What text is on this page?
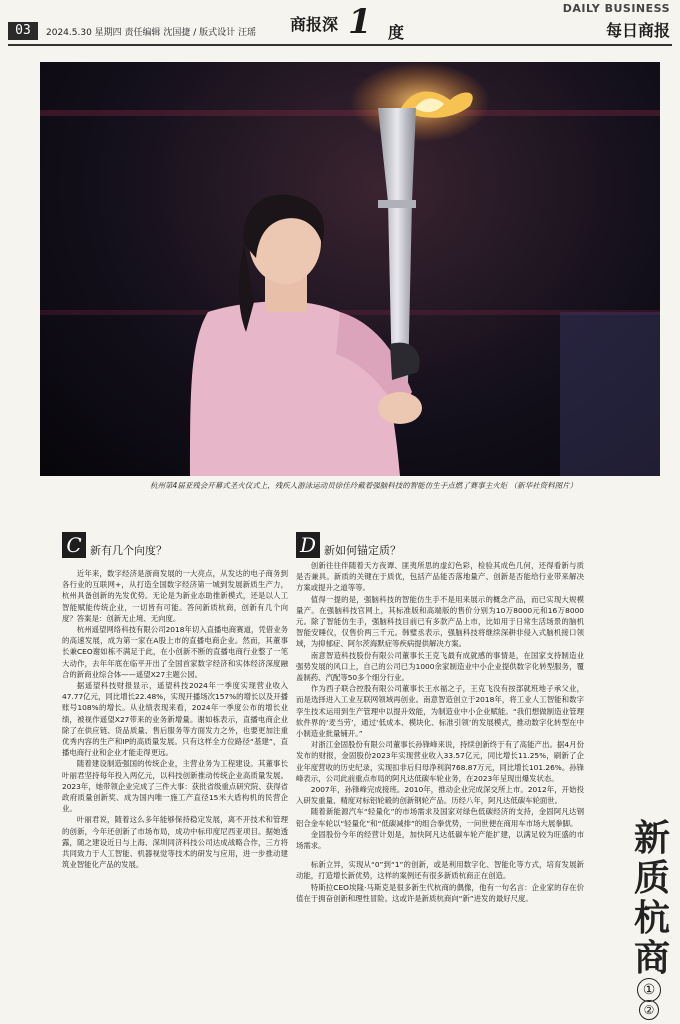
03	2024.5.30 星期四 责任编辑 沈国捷 / 版式设计 汪瑶 商报深 1 度
DAILY BUSINESS
每日商报
杭州第4届亚残会开幕式圣火仪式上，残疾人游泳运动员徐佳玲戴着强脑科技的智能仿生手点燃了赛事主火炬 （新华社资料图片）
C 新有几个向度？

近年来，数字经济是浙商发展的一大亮点，从发达的电子商务到各行业的互联网+，从打造全国数字经济第一城到发展新质生产力，杭州具备创新的先发优势。无论是为新业态助推新模式，还是以人工智能赋能传统企业，一切皆有可能。答问新质杭商，创新有几个向度？答案是：创新无止境、无向度。

杭州遥望网络科技有限公司2018年切入直播电商赛道，凭借业务的高速发展，成为第一家在A股上市的直播电商企业。然而，其董事长兼CEO谢如栋不满足于此，在小创新不断的直播电商行业整了一笔大动作，去年年底在临平开出了全国首家数字经济和实体经济深度融合的新商业综合体——遥望X27主题公园。

据遥望科技财报显示，遥望科技2024年一季度实现营业收入47.77亿元，同比增长22.48%，实现开播场次157%的增长以及开播账号108%的增长。从业绩表现来看，2024年一季度公布的增长业绩，被视作遥望X27带来的业务新增量。谢如栋表示，直播电商企业除了在供应链、货品质量、售后服务等方面发力之外，也要更加注重优秀内容的生产和IP的高质量发展。只有这样全方位路径“基建”，直播电商行业和企业才能走得更远。

随着建设制造强国的传统企业，主营业务为工程建设。其董事长叶丽君坚持每年投入两亿元，以科技创新推动传统企业高质量发展。2023年，她带领企业完成了三件大事：获批省级重点研究院、获得省政府质量创新奖、成为国内唯一施工产直径15米大盾构机的民营企业。

叶丽君说，随着这么多年能够保持稳定发展，离不开技术和管理的创新，今年还创新了市场布局，成功中标印度尼西亚项目。据她透露，随之建设近日与上海、深圳同济科技公司达成战略合作，三方将共同致力于人工智能、机器视觉等技术的研发与应用，进一步推动建筑业智能化产品的发展。

D 新如何锚定质？

创新往往伴随着天方夜谭、匪夷所思的虚幻色彩，检验其成色几何，还得看新与质是否兼具。新质的关键在于质优，包括产品能否落地量产、创新是否能给行业带来解决方案或提升之道等等。

值得一提的是，强脑科技的智能仿生手不是用来展示的概念产品，而已实现大规模量产。在强脑科技官网上，其标准版和高端版的售价分别为10万8000元和16万8000元。除了智能仿生手，强脑科技目前已有多款产品上市，比如用于日常生活场景的脑机智能安睡仪，仅售价两三千元。韩璧丞表示，强脑科技将继续深耕非侵入式脑机接口领域，为抑郁症、阿尔茨海默症等疾病提供解决方案。

南意智造科技股份有限公司董事长王克飞最有成就感的事情是，在国家支持制造业强势发展的风口上，自己的公司已为1000余家制造业中小企业提供数字化转型服务，覆盖制药、汽配等50多个细分行业。

作为西子联合控股有限公司董事长王水福之子，王克飞没有按部就班地子承父业，而是选择进入工业互联网领域再创业。南意智造创立于2018年，将工业人工智能和数字孪生技术运用到生产管理中以提升效能，为制造业中小企业赋能。“我们想做制造业管理软件界的‘麦当劳’，通过‘低成本、模块化、标准引领’的发展模式，推动数字化转型在中小制造业批量铺开。”

对浙江金固股份有限公司董事长孙锋峰来说，持续创新终于有了高能产出。据4月份发布的财报，金固股份2023年实现营业收入33.57亿元，同比增长11.25%，刷新了企业年度营收的历史纪录，实现扣非后归母净利润768.87万元，同比增长101.26%。孙锋峰表示，公司此前重点布局的阿凡达低碳车轮业务，在2023年呈现出爆发状态。

2007年，孙锋峰完成接班。2010年，推动企业完成深交所上市。2012年，开始投入研发重量、精度对标铝轮毂的创新钢轮产品。历经八年，阿凡达低碳车轮面世。

随着新能源汽车“轻量化”的市场需求及国家对绿色低碳经济的支持，金固阿凡达钢铝合金车轮以“轻量化”和“低碳减排”的组合拳优势，一问世便在商用车市场大展拳脚。

金固股份今年的经营计划是，加快阿凡达低碳车轮产能扩建，以满足较为旺盛的市场需求。

标新立异，实现从“0”到“1”的创新，或是利用数字化、智能化等方式，培育发展新动能，打造增长新优势，这样的案例还有很多新质杭商正在创造。

特斯拉CEO埃隆·马斯克是很多新生代杭商的偶像，他有一句名言：企业家的存在价值在于拥奋创新和理性冒险。这或许是新质杭商向“新”进发的最好尺度。

新
质
杭
商
①
②
